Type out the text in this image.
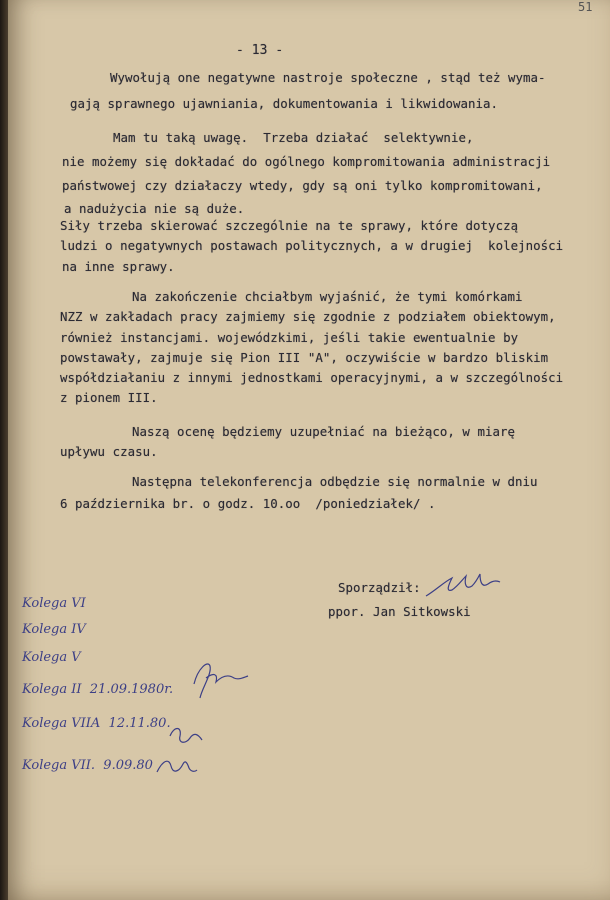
51
- 13 -
Wywołują one negatywne nastroje społeczne , stąd też wyma-
gają sprawnego ujawniania, dokumentowania i likwidowania.
Mam tu taką uwagę.  Trzeba działać  selektywnie,
nie możemy się dokładać do ogólnego kompromitowania administracji
państwowej czy działaczy wtedy, gdy są oni tylko kompromitowani,
a nadużycia nie są duże.
Siły trzeba skierować szczególnie na te sprawy, które dotyczą
ludzi o negatywnych postawach politycznych, a w drugiej  kolejności
na inne sprawy.
Na zakończenie chciałbym wyjaśnić, że tymi komórkami
NZZ w zakładach pracy zajmiemy się zgodnie z podziałem obiektowym,
również instancjami. wojewódzkimi, jeśli takie ewentualnie by
powstawały, zajmuje się Pion III "A", oczywiście w bardzo bliskim
współdziałaniu z innymi jednostkami operacyjnymi, a w szczególności
z pionem III.
Naszą ocenę będziemy uzupełniać na bieżąco, w miarę
upływu czasu.
Następna telekonferencja odbędzie się normalnie w dniu
6 października br. o godz. 10.oo  /poniedziałek/ .
Sporządził:
ppor. Jan Sitkowski
Kolega VI
Kolega IV
Kolega V
Kolega II  21.09.1980r.
Kolega VIIA  12.11.80.
Kolega VII.  9.09.80
